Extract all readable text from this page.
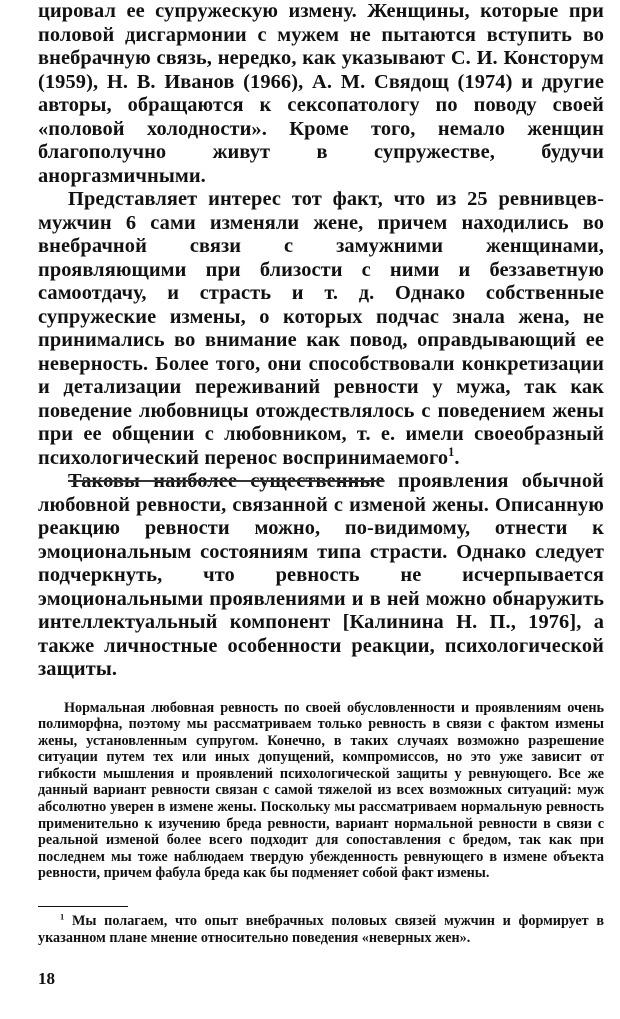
цировал ее супружескую измену. Женщины, которые при половой дисгармонии с мужем не пытаются вступить во внебрачную связь, нередко, как указывают С. И. Консторум (1959), Н. В. Иванов (1966), А. М. Свядощ (1974) и другие авторы, обращаются к сексопатологу по поводу своей «половой холодности». Кроме того, немало женщин благополучно живут в супружестве, будучи аноргазмичными.

Представляет интерес тот факт, что из 25 ревнивцев-мужчин 6 сами изменяли жене, причем находились во внебрачной связи с замужними женщинами, проявляющими при близости с ними и беззаветную самоотдачу, и страсть и т. д. Однако собственные супружеские измены, о которых подчас знала жена, не принимались во внимание как повод, оправдывающий ее неверность. Более того, они способствовали конкретизации и детализации переживаний ревности у мужа, так как поведение любовницы отождествлялось с поведением жены при ее общении с любовником, т. е. имели своеобразный психологический перенос воспринимаемого$^1$.

Таковы наиболее существенные проявления обычной любовной ревности, связанной с изменой жены. Описанную реакцию ревности можно, по-видимому, отнести к эмоциональным состояниям типа страсти. Однако следует подчеркнуть, что ревность не исчерпывается эмоциональными проявлениями и в ней можно обнаружить интеллектуальный компонент [Калинина Н. П., 1976], а также личностные особенности реакции, психологической защиты.

Нормальная любовная ревность по своей обусловленности и проявлениям очень полиморфна, поэтому мы рассматриваем только ревность в связи с фактом измены жены, установленным супругом. Конечно, в таких случаях возможно разрешение ситуации путем тех или иных допущений, компромиссов, но это уже зависит от гибкости мышления и проявлений психологической защиты у ревнующего. Все же данный вариант ревности связан с самой тяжелой из всех возможных ситуаций: муж абсолютно уверен в измене жены. Поскольку мы рассматриваем нормальную ревность применительно к изучению бреда ревности, вариант нормальной ревности в связи с реальной изменой более всего подходит для сопоставления с бредом, так как при последнем мы тоже наблюдаем твердую убежденность ревнующего в измене объекта ревности, причем фабула бреда как бы подменяет собой факт измены.

$^1$ Мы полагаем, что опыт внебрачных половых связей мужчин и формирует в указанном плане мнение относительно поведения «неверных жен».

18
